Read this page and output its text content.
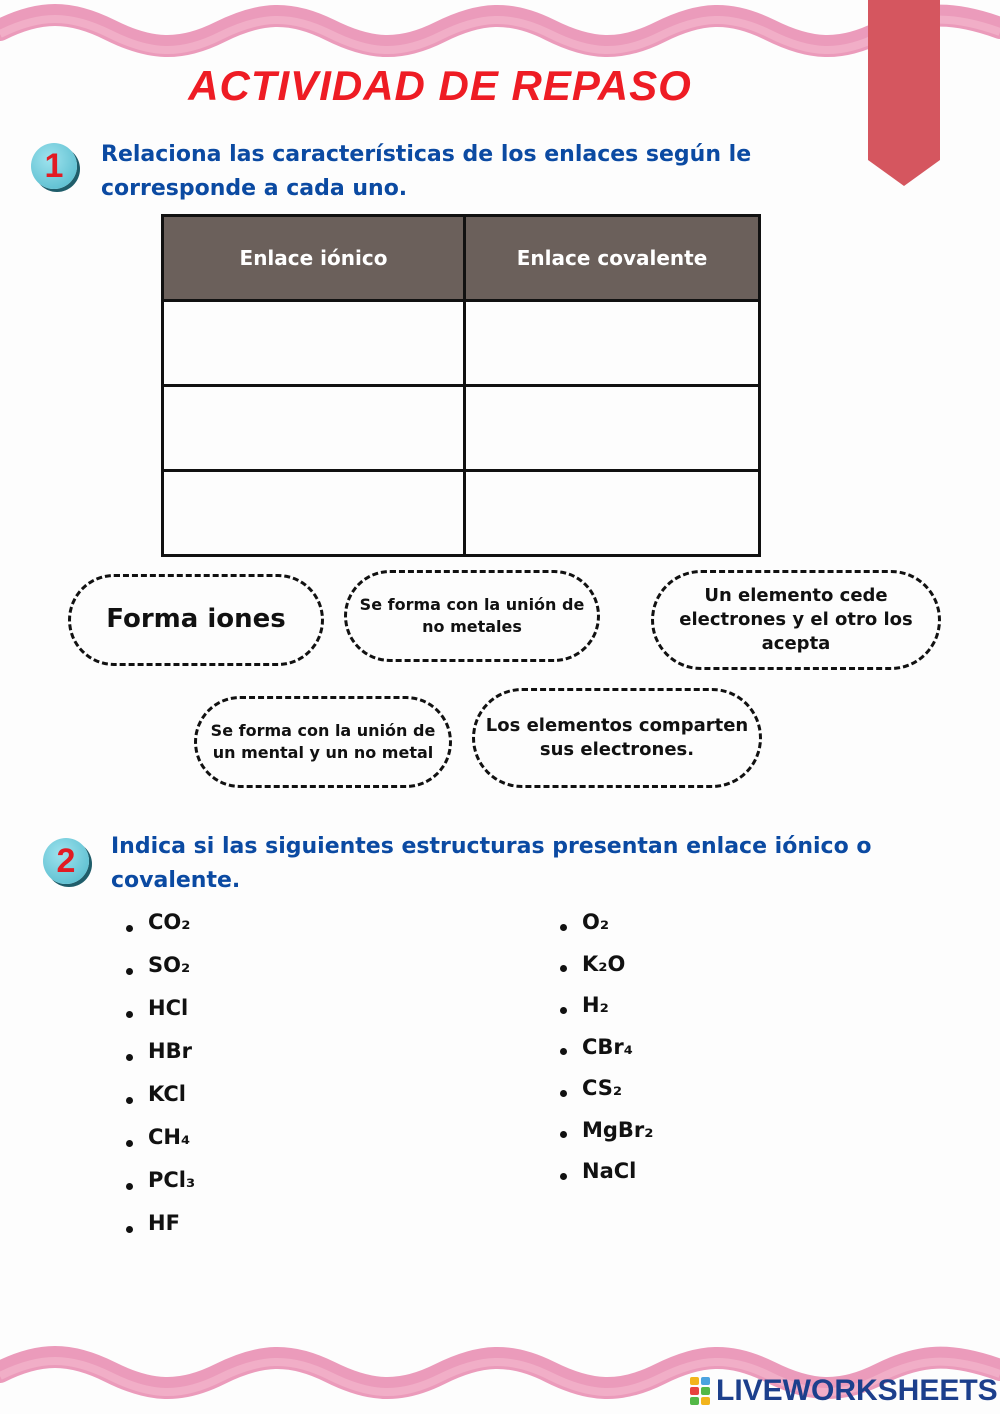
ACTIVIDAD DE REPASO
1	Relaciona las características de los enlaces según le corresponde a cada uno.
Enlace iónico	Enlace covalente

Forma iones	Se forma con la unión de no metales
Un elemento cede electrones y el otro los acepta
Se forma con la unión de un mental y un no metal
Los elementos comparten sus electrones.
2	Indica si las siguientes estructuras presentan enlace iónico o covalente.
CO₂
SO₂
HCl
HBr
KCl
CH₄
PCl₃
HF
O₂
K₂O
H₂
CBr₄
CS₂
MgBr₂
NaCl
LIVEWORKSHEETS
